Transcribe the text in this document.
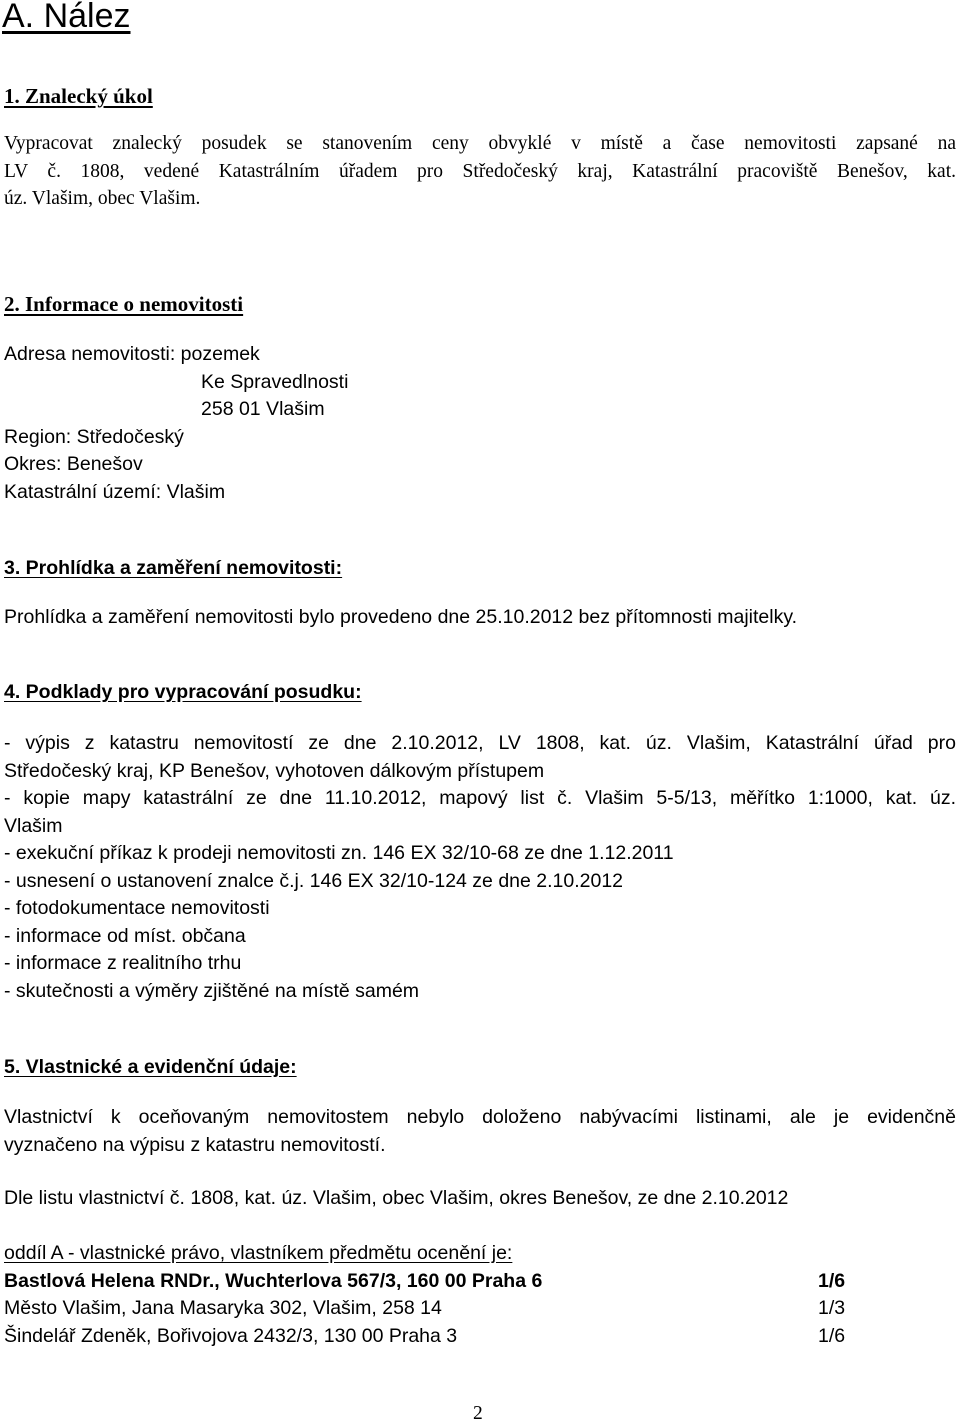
A. Nález
1. Znalecký úkol
Vypracovat znalecký posudek se stanovením ceny obvyklé v místě a čase nemovitosti zapsané na
LV č. 1808, vedené Katastrálním úřadem pro Středočeský kraj, Katastrální pracoviště Benešov, kat.
úz. Vlašim, obec Vlašim.
2. Informace o nemovitosti
Adresa nemovitosti: pozemek
Ke Spravedlnosti
258 01 Vlašim
Region: Středočeský
Okres: Benešov
Katastrální území: Vlašim
3. Prohlídka a zaměření nemovitosti:
Prohlídka a zaměření nemovitosti bylo provedeno dne 25.10.2012 bez přítomnosti majitelky.
4. Podklady pro vypracování posudku:
- výpis z katastru nemovitostí ze dne 2.10.2012, LV 1808, kat. úz. Vlašim, Katastrální úřad pro
Středočeský kraj, KP Benešov, vyhotoven dálkovým přístupem
- kopie mapy katastrální ze dne 11.10.2012, mapový list č. Vlašim 5-5/13, měřítko 1:1000, kat. úz.
Vlašim
- exekuční příkaz k prodeji nemovitosti zn. 146 EX 32/10-68 ze dne 1.12.2011
- usnesení o ustanovení znalce č.j. 146 EX 32/10-124 ze dne 2.10.2012
- fotodokumentace nemovitosti
- informace od míst. občana
- informace z realitního trhu
- skutečnosti a výměry zjištěné na místě samém
5. Vlastnické a evidenční údaje:
Vlastnictví k oceňovaným nemovitostem nebylo doloženo nabývacími listinami, ale je evidenčně
vyznačeno na výpisu z katastru nemovitostí.
Dle listu vlastnictví č. 1808, kat. úz. Vlašim, obec Vlašim, okres Benešov, ze dne 2.10.2012
oddíl A - vlastnické právo, vlastníkem předmětu ocenění je:
Bastlová Helena RNDr., Wuchterlova 567/3, 160 00 Praha 6	1/6
Město Vlašim, Jana Masaryka 302, Vlašim, 258 14	1/3
Šindelář Zdeněk, Bořivojova 2432/3, 130 00 Praha 3	1/6
2
